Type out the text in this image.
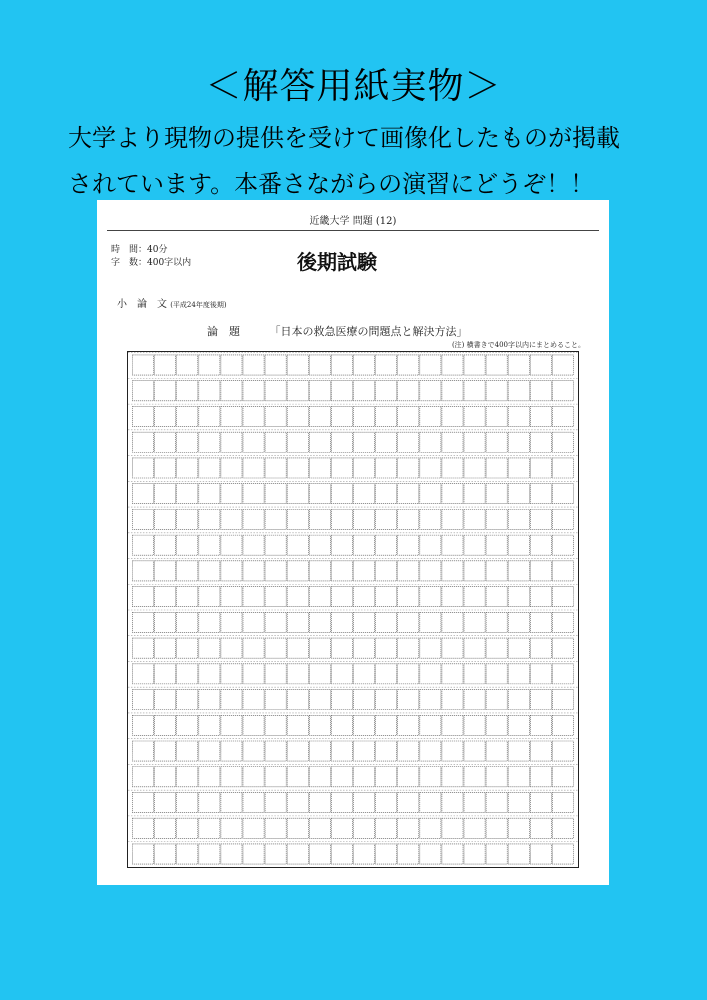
＜解答用紙実物＞
大学より現物の提供を受けて画像化したものが掲載
されています。本番さながらの演習にどうぞ！！
近畿大学 問題 (12)
時　間：40分
字　数：400字以内	後期試験
小　論　文 (平成24年度後期)
論　題	「日本の救急医療の問題点と解決方法」
(注) 横書きで400字以内にまとめること。
